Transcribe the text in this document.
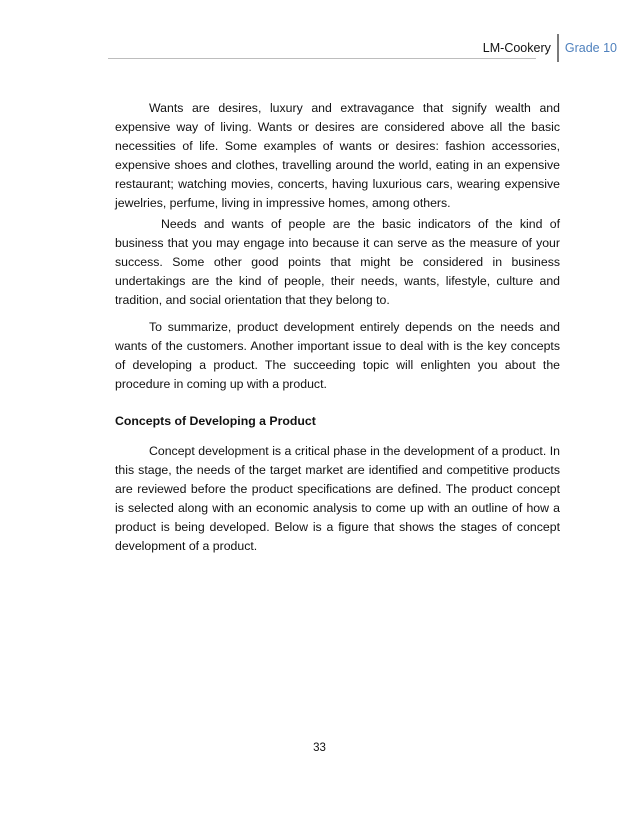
LM-Cookery	Grade 10

Wants are desires, luxury and extravagance that signify wealth and expensive way of living. Wants or desires are considered above all the basic necessities of life. Some examples of wants or desires: fashion accessories, expensive shoes and clothes, travelling around the world, eating in an expensive restaurant; watching movies, concerts, having luxurious cars, wearing expensive jewelries, perfume, living in impressive homes, among others.

Needs and wants of people are the basic indicators of the kind of business that you may engage into because it can serve as the measure of your success. Some other good points that might be considered in business undertakings are the kind of people, their needs, wants, lifestyle, culture and tradition, and social orientation that they belong to.

To summarize, product development entirely depends on the needs and wants of the customers. Another important issue to deal with is the key concepts of developing a product. The succeeding topic will enlighten you about the procedure in coming up with a product.

Concepts of Developing a Product

Concept development is a critical phase in the development of a product. In this stage, the needs of the target market are identified and competitive products are reviewed before the product specifications are defined. The product concept is selected along with an economic analysis to come up with an outline of how a product is being developed. Below is a figure that shows the stages of concept development of a product.

33
